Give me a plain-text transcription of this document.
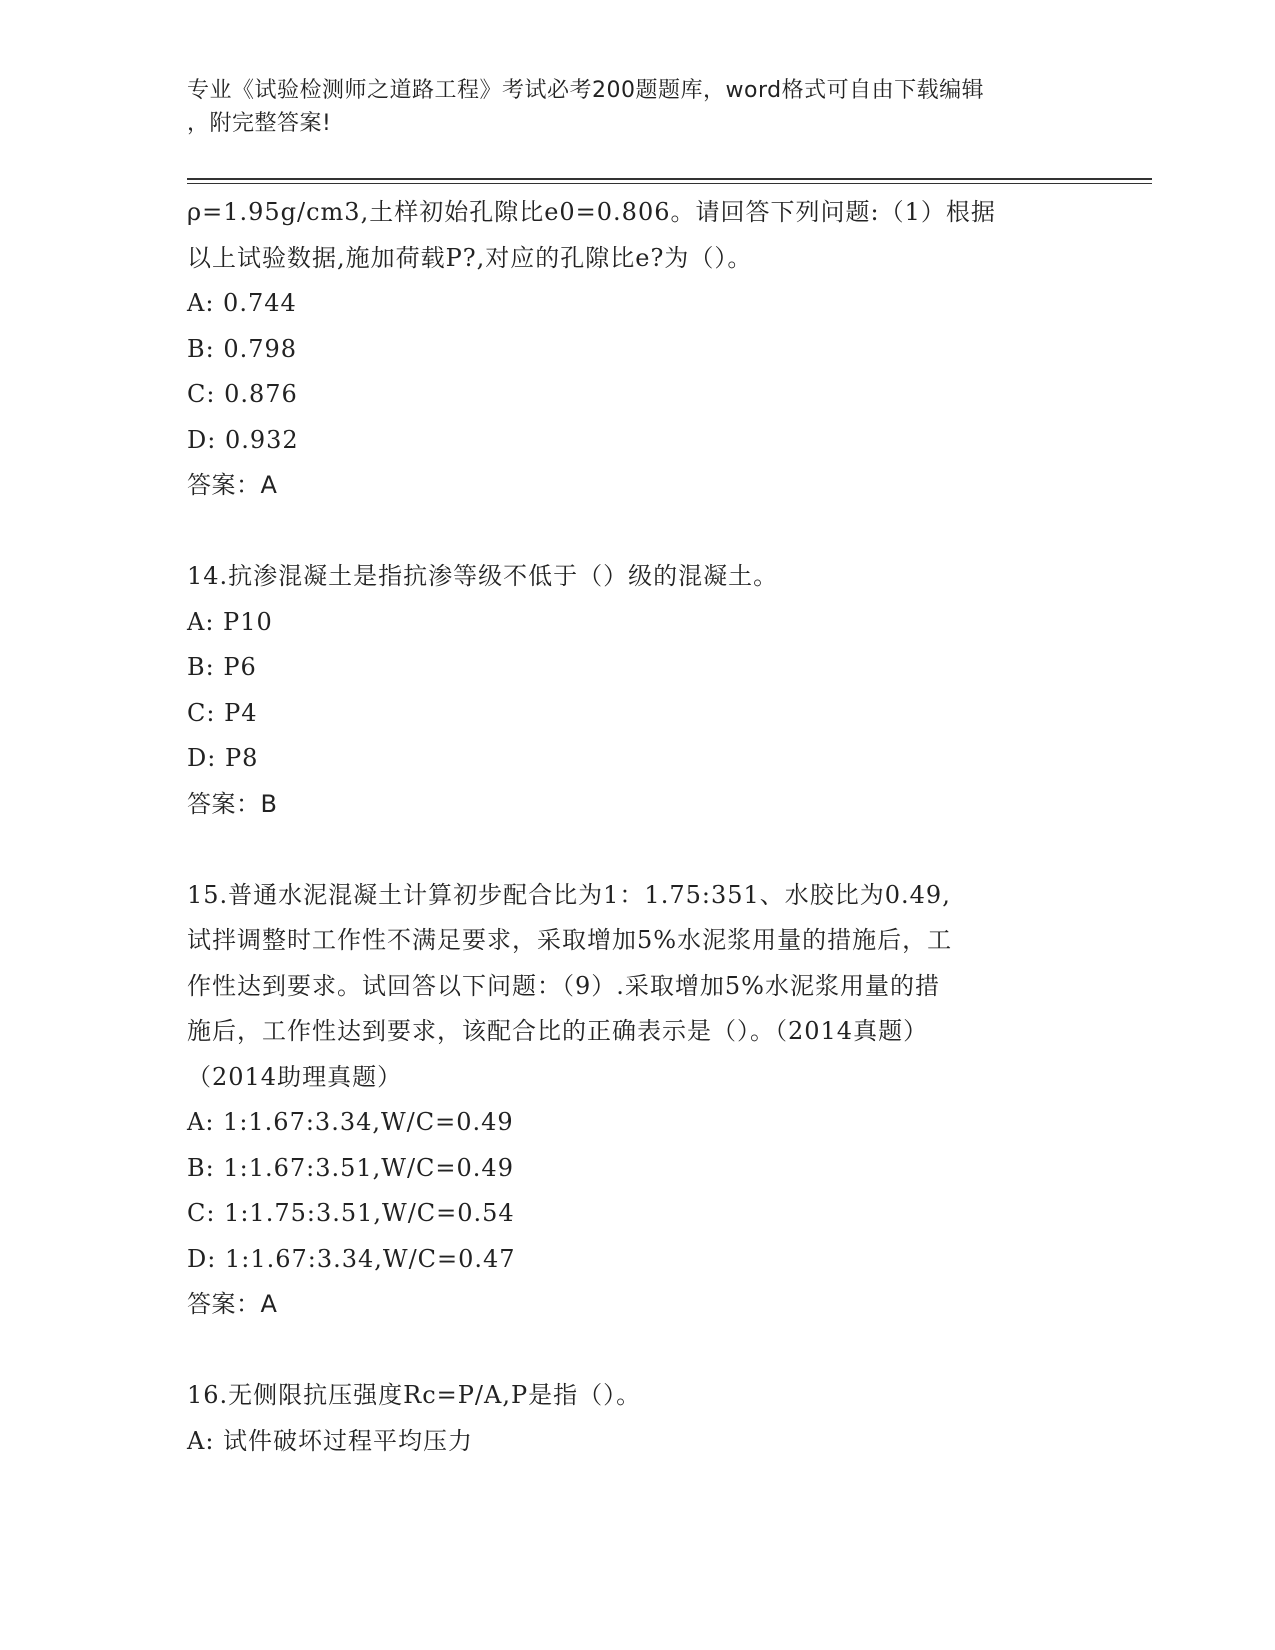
专业《试验检测师之道路工程》考试必考200题题库，word格式可自由下载编辑
，附完整答案!
ρ=1.95g/cm3,土样初始孔隙比e0=0.806。请回答下列问题:（1）根据
以上试验数据,施加荷载P?,对应的孔隙比e?为（）。
A: 0.744
B: 0.798
C: 0.876
D: 0.932
答案：A
14.抗渗混凝土是指抗渗等级不低于（）级的混凝土。
A: P10
B: P6
C: P4
D: P8
答案：B
15.普通水泥混凝土计算初步配合比为1：1.75:351、水胶比为0.49,
试拌调整时工作性不满足要求，采取增加5%水泥浆用量的措施后，工
作性达到要求。试回答以下问题：（9）.采取增加5%水泥浆用量的措
施后，工作性达到要求，该配合比的正确表示是（）。（2014真题）
（2014助理真题）
A: 1:1.67:3.34,W/C=0.49
B: 1:1.67:3.51,W/C=0.49
C: 1:1.75:3.51,W/C=0.54
D: 1:1.67:3.34,W/C=0.47
答案：A
16.无侧限抗压强度Rc=P/A,P是指（）。
A: 试件破坏过程平均压力
